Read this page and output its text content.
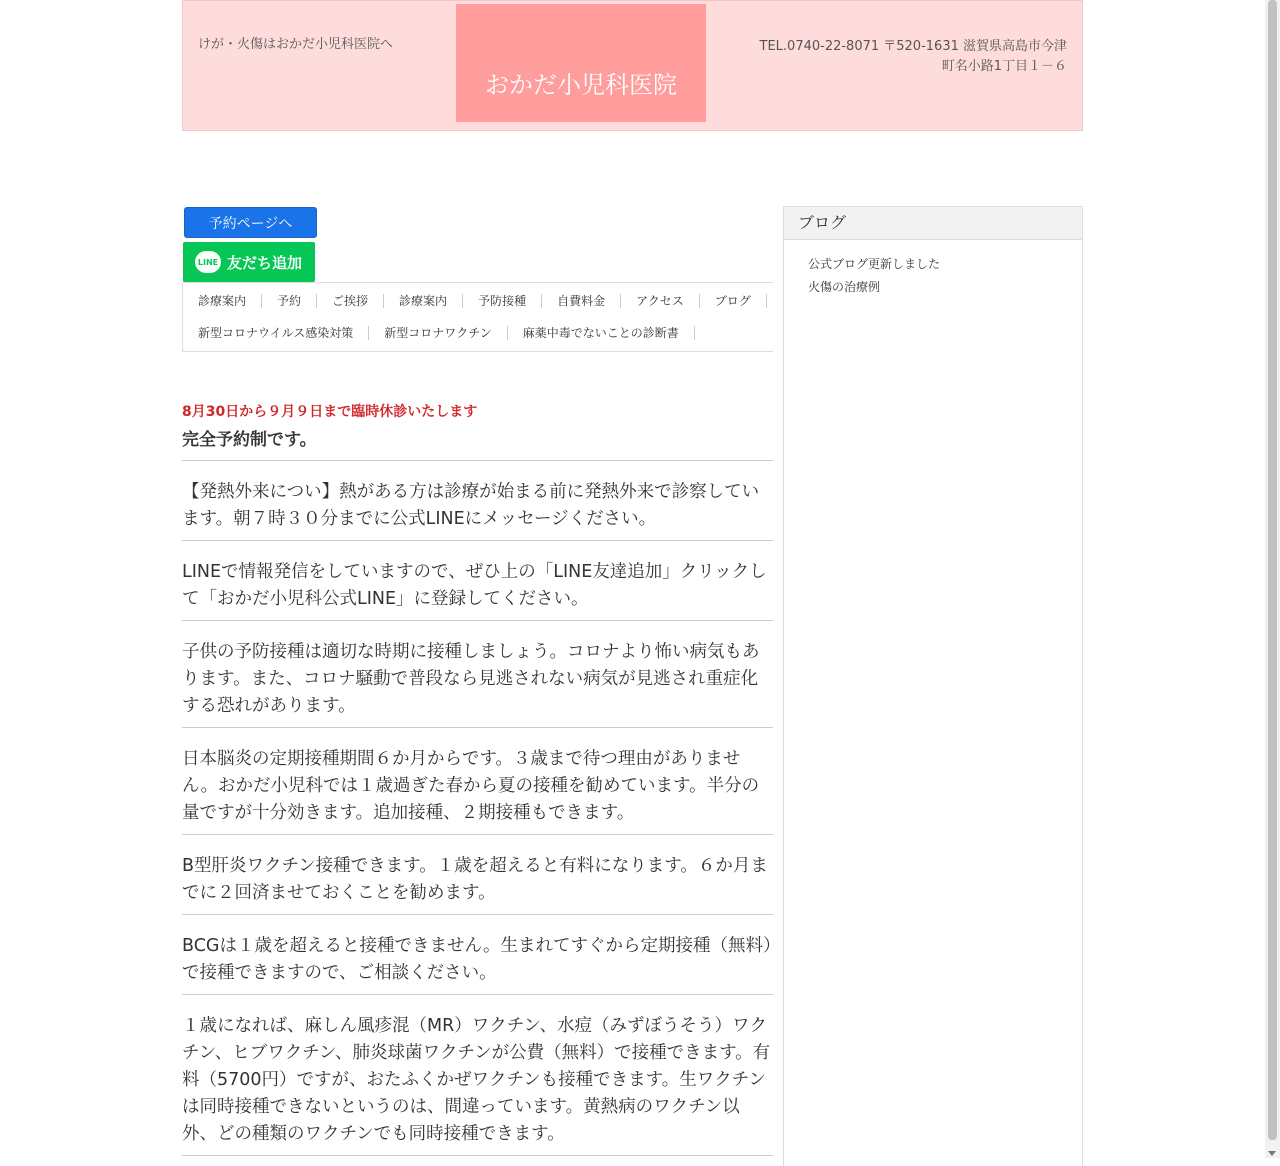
けが・火傷はおかだ小児科医院へ
おかだ小児科医院
TEL.0740-22-8071 〒520-1631 滋賀県高島市今津
町名小路1丁目１－６
予約ページへ
LINE 友だち追加
診療案内	予約	ご挨拶	診療案内	予防接種	自費料金	アクセス	ブログ
新型コロナウイルス感染対策	新型コロナワクチン	麻薬中毒でないことの診断書

8月30日から９月９日まで臨時休診いたします

完全予約制です。

【発熱外来につい】熱がある方は診療が始まる前に発熱外来で診察しています。朝７時３０分までに公式LINEにメッセージください。

LINEで情報発信をしていますので、ぜひ上の「LINE友達追加」クリックして「おかだ小児科公式LINE」に登録してください。

子供の予防接種は適切な時期に接種しましょう。コロナより怖い病気もあります。また、コロナ騒動で普段なら見逃されない病気が見逃され重症化する恐れがあります。

日本脳炎の定期接種期間６か月からです。３歳まで待つ理由がありません。おかだ小児科では１歳過ぎた春から夏の接種を勧めています。半分の量ですが十分効きます。追加接種、２期接種もできます。

B型肝炎ワクチン接種できます。１歳を超えると有料になります。６か月までに２回済ませておくことを勧めます。

BCGは１歳を超えると接種できません。生まれてすぐから定期接種（無料）で接種できますので、ご相談ください。

１歳になれば、麻しん風疹混（MR）ワクチン、水痘（みずぼうそう）ワクチン、ヒブワクチン、肺炎球菌ワクチンが公費（無料）で接種できます。有料（5700円）ですが、おたふくかぜワクチンも接種できます。生ワクチンは同時接種できないというのは、間違っています。黄熱病のワクチン以外、どの種類のワクチンでも同時接種できます。

ブログ
公式ブログ更新しました
火傷の治療例
